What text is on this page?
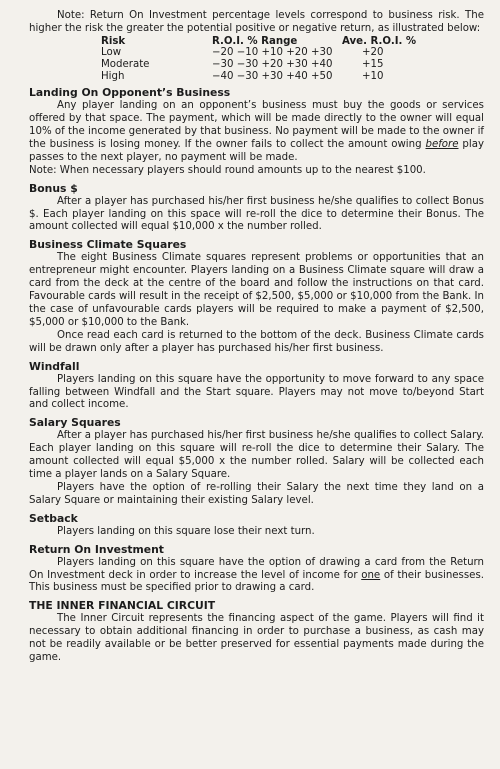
Note: Return On Investment percentage levels correspond to business risk. The higher the risk the greater the potential positive or negative return, as illustrated below:

Risk	R.O.I. % Range	Ave. R.O.I. %
Low	−20 −10 +10 +20 +30	+20
Moderate	−30 −30 +20 +30 +40	+15
High	−40 −30 +30 +40 +50	+10
Landing On Opponent’s Business

Any player landing on an opponent’s business must buy the goods or services offered by that space. The payment, which will be made directly to the owner will equal 10% of the income generated by that business. No payment will be made to the owner if the business is losing money. If the owner fails to collect the amount owing before play passes to the next player, no payment will be made.

Note: When necessary players should round amounts up to the nearest $100.

Bonus $

After a player has purchased his/her first business he/she qualifies to collect Bonus $. Each player landing on this space will re-roll the dice to determine their Bonus. The amount collected will equal $10,000 x the number rolled.

Business Climate Squares

The eight Business Climate squares represent problems or opportunities that an entrepreneur might encounter. Players landing on a Business Climate square will draw a card from the deck at the centre of the board and follow the instructions on that card. Favourable cards will result in the receipt of $2,500, $5,000 or $10,000 from the Bank. In the case of unfavourable cards players will be required to make a payment of $2,500, $5,000 or $10,000 to the Bank.

Once read each card is returned to the bottom of the deck. Business Climate cards will be drawn only after a player has purchased his/her first business.

Windfall

Players landing on this square have the opportunity to move forward to any space falling between Windfall and the Start square. Players may not move to/beyond Start and collect income.

Salary Squares

After a player has purchased his/her first business he/she qualifies to collect Salary. Each player landing on this square will re-roll the dice to determine their Salary. The amount collected will equal $5,000 x the number rolled. Salary will be collected each time a player lands on a Salary Square.

Players have the option of re-rolling their Salary the next time they land on a Salary Square or maintaining their existing Salary level.

Setback

Players landing on this square lose their next turn.

Return On Investment

Players landing on this square have the option of drawing a card from the Return On Investment deck in order to increase the level of income for one of their businesses. This business must be specified prior to drawing a card.

THE INNER FINANCIAL CIRCUIT

The Inner Circuit represents the financing aspect of the game. Players will find it necessary to obtain additional financing in order to purchase a business, as cash may not be readily available or be better preserved for essential payments made during the game.
